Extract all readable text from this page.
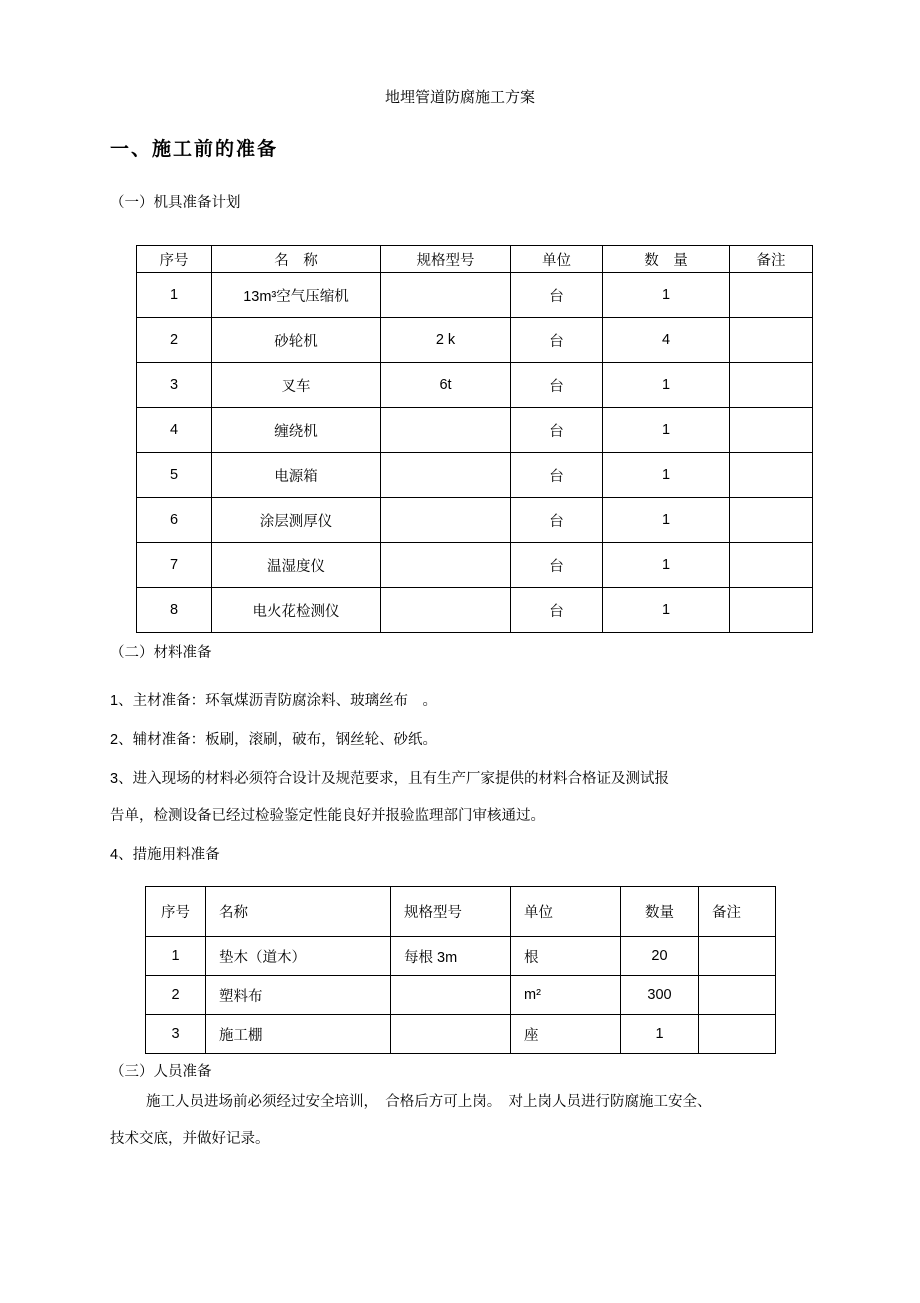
地埋管道防腐施工方案
一、施工前的准备
（一）机具准备计划
序号	名　称	规格型号	单位	数　量	备注
1	13m³空气压缩机		台	1	
2	砂轮机	2 k	台	4	
3	叉车	6t	台	1	
4	缠绕机		台	1	
5	电源箱		台	1	
6	涂层测厚仪		台	1	
7	温湿度仪		台	1	
8	电火花检测仪		台	1	
（二）材料准备
1、主材准备：环氧煤沥青防腐涂料、玻璃丝布　。
2、辅材准备：板刷，滚刷，破布，钢丝轮、砂纸。
3、进入现场的材料必须符合设计及规范要求，且有生产厂家提供的材料合格证及测试报
告单，检测设备已经过检验鉴定性能良好并报验监理部门审核通过。
4、措施用料准备
序号	名称	规格型号	单位	数量	备注
1	垫木（道木）	每根 3m	根	20	
2	塑料布		m²	300	
3	施工棚		座	1	
（三）人员准备
施工人员进场前必须经过安全培训，　合格后方可上岗。　对上岗人员进行防腐施工安全、
技术交底，并做好记录。
